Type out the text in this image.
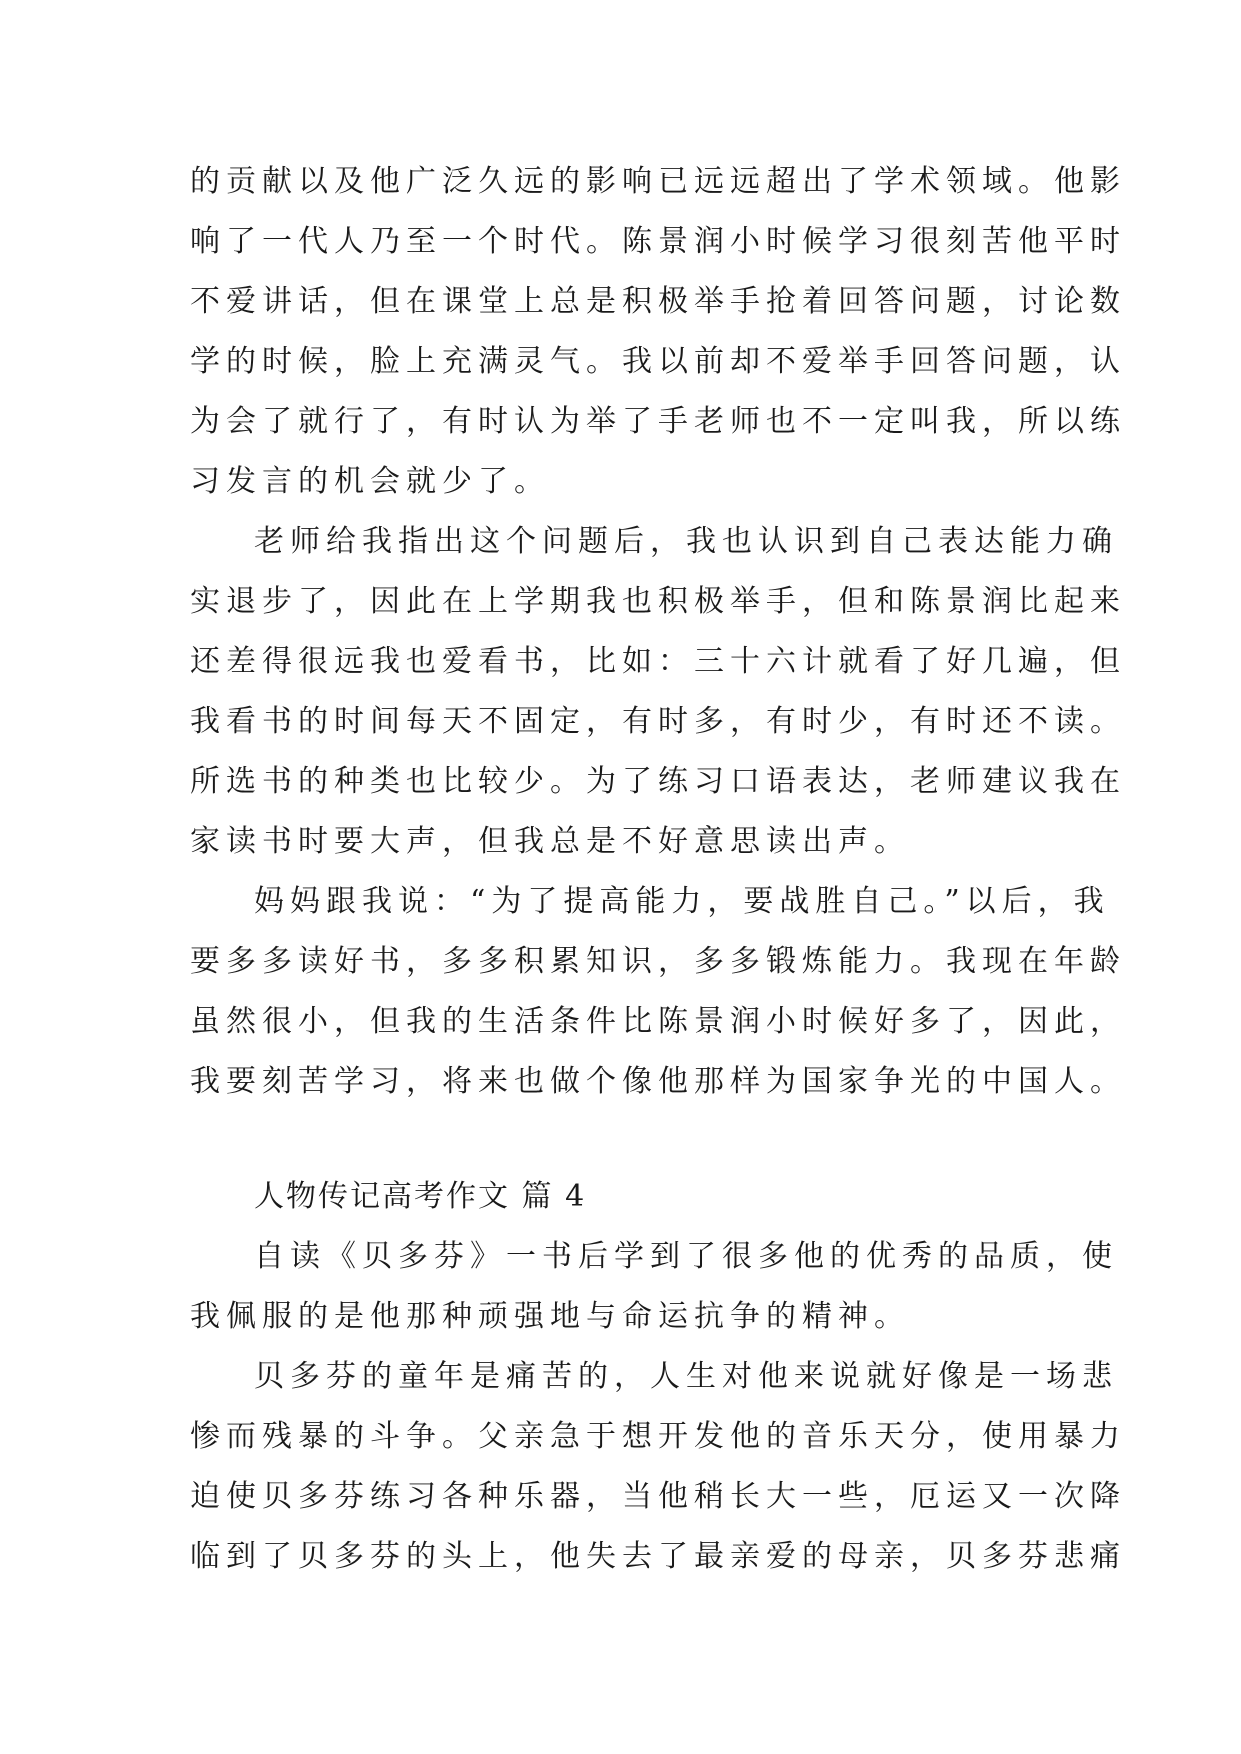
的贡献以及他广泛久远的影响已远远超出了学术领域。他影
响了一代人乃至一个时代。陈景润小时候学习很刻苦他平时
不爱讲话，但在课堂上总是积极举手抢着回答问题，讨论数
学的时候，脸上充满灵气。我以前却不爱举手回答问题，认
为会了就行了，有时认为举了手老师也不一定叫我，所以练
习发言的机会就少了。
老师给我指出这个问题后，我也认识到自己表达能力确
实退步了，因此在上学期我也积极举手，但和陈景润比起来
还差得很远我也爱看书，比如：三十六计就看了好几遍，但
我看书的时间每天不固定，有时多，有时少，有时还不读。
所选书的种类也比较少。为了练习口语表达，老师建议我在
家读书时要大声，但我总是不好意思读出声。
妈妈跟我说：“为了提高能力，要战胜自己。”以后，我
要多多读好书，多多积累知识，多多锻炼能力。我现在年龄
虽然很小，但我的生活条件比陈景润小时候好多了，因此，
我要刻苦学习，将来也做个像他那样为国家争光的中国人。
人物传记高考作文 篇 4
自读《贝多芬》一书后学到了很多他的优秀的品质，使
我佩服的是他那种顽强地与命运抗争的精神。
贝多芬的童年是痛苦的，人生对他来说就好像是一场悲
惨而残暴的斗争。父亲急于想开发他的音乐天分，使用暴力
迫使贝多芬练习各种乐器，当他稍长大一些，厄运又一次降
临到了贝多芬的头上，他失去了最亲爱的母亲，贝多芬悲痛
